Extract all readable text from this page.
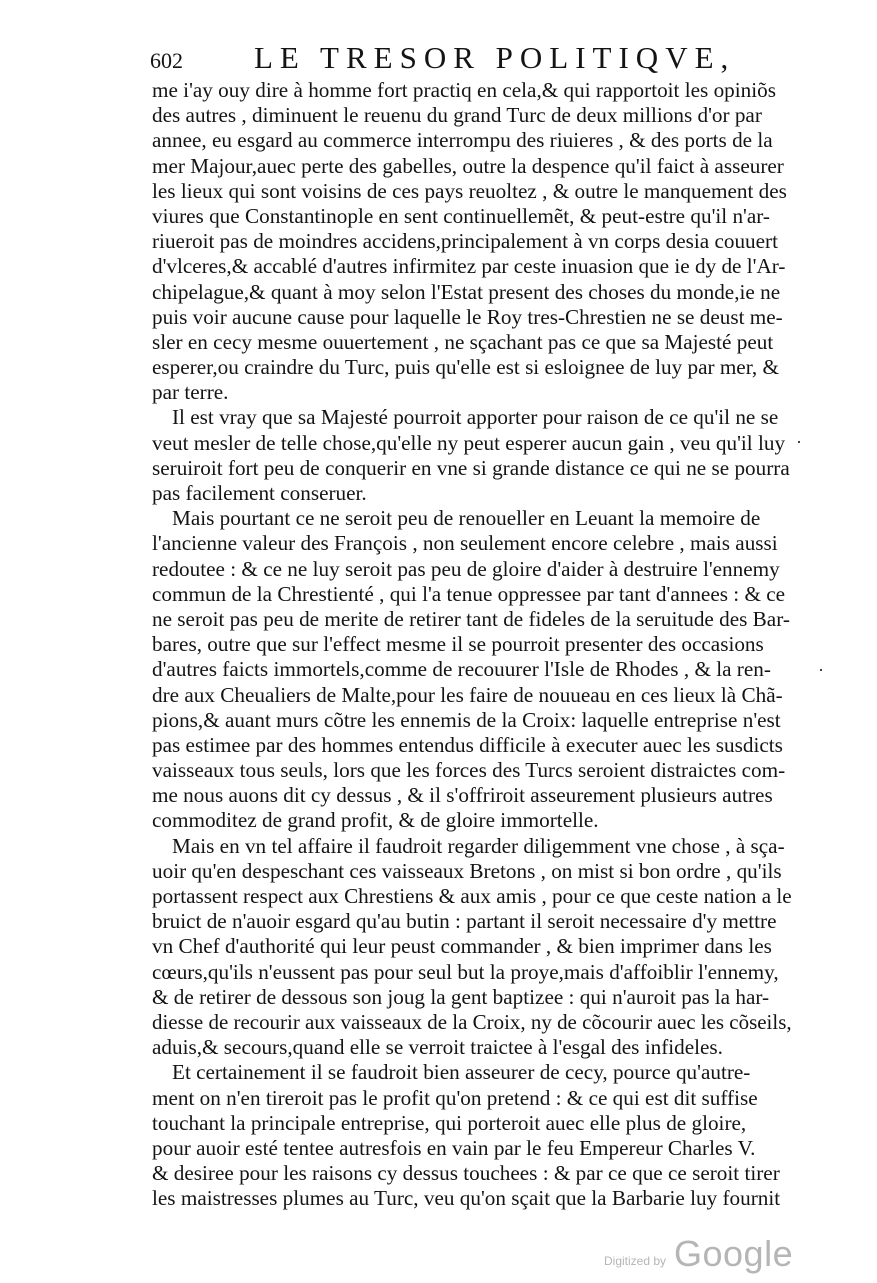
602 LE TRESOR POLITIQVE,
me i'ay ouy dire à homme fort practiq en cela,& qui rapportoit les opiniõs
des autres , diminuent le reuenu du grand Turc de deux millions d'or par
annee, eu esgard au commerce interrompu des riuieres , & des ports de la
mer Majour,auec perte des gabelles, outre la despence qu'il faict à asseurer
les lieux qui sont voisins de ces pays reuoltez , & outre le manquement des
viures que Constantinople en sent continuellemẽt, & peut-estre qu'il n'ar-
riueroit pas de moindres accidens,principalement à vn corps desia couuert
d'vlceres,& accablé d'autres infirmitez par ceste inuasion que ie dy de l'Ar-
chipelague,& quant à moy selon l'Estat present des choses du monde,ie ne
puis voir aucune cause pour laquelle le Roy tres-Chrestien ne se deust me-
sler en cecy mesme ouuertement , ne sçachant pas ce que sa Majesté peut
esperer,ou craindre du Turc, puis qu'elle est si esloignee de luy par mer, &
par terre.
Il est vray que sa Majesté pourroit apporter pour raison de ce qu'il ne se
veut mesler de telle chose,qu'elle ny peut esperer aucun gain , veu qu'il luy
seruiroit fort peu de conquerir en vne si grande distance ce qui ne se pourra
pas facilement conseruer.
Mais pourtant ce ne seroit peu de renoueller en Leuant la memoire de
l'ancienne valeur des François , non seulement encore celebre , mais aussi
redoutee : & ce ne luy seroit pas peu de gloire d'aider à destruire l'ennemy
commun de la Chrestienté , qui l'a tenue oppressee par tant d'annees : & ce
ne seroit pas peu de merite de retirer tant de fideles de la seruitude des Bar-
bares, outre que sur l'effect mesme il se pourroit presenter des occasions
d'autres faicts immortels,comme de recouurer l'Isle de Rhodes , & la ren-
dre aux Cheualiers de Malte,pour les faire de nouueau en ces lieux là Chã-
pions,& auant murs cõtre les ennemis de la Croix: laquelle entreprise n'est
pas estimee par des hommes entendus difficile à executer auec les susdicts
vaisseaux tous seuls, lors que les forces des Turcs seroient distraictes com-
me nous auons dit cy dessus , & il s'offriroit asseurement plusieurs autres
commoditez de grand profit, & de gloire immortelle.
Mais en vn tel affaire il faudroit regarder diligemment vne chose , à sça-
uoir qu'en despeschant ces vaisseaux Bretons , on mist si bon ordre , qu'ils
portassent respect aux Chrestiens & aux amis , pour ce que ceste nation a le
bruict de n'auoir esgard qu'au butin : partant il seroit necessaire d'y mettre
vn Chef d'authorité qui leur peust commander , & bien imprimer dans les
cœurs,qu'ils n'eussent pas pour seul but la proye,mais d'affoiblir l'ennemy,
& de retirer de dessous son joug la gent baptizee : qui n'auroit pas la har-
diesse de recourir aux vaisseaux de la Croix, ny de cõcourir auec les cõseils,
aduis,& secours,quand elle se verroit traictee à l'esgal des infideles.
Et certainement il se faudroit bien asseurer de cecy, pource qu'autre-
ment on n'en tireroit pas le profit qu'on pretend : & ce qui est dit suffise
touchant la principale entreprise, qui porteroit auec elle plus de gloire,
pour auoir esté tentee autresfois en vain par le feu Empereur Charles V.
& desiree pour les raisons cy dessus touchees : & par ce que ce seroit tirer
les maistresses plumes au Turc, veu qu'on sçait que la Barbarie luy fournit
·
·
Digitized by Google
